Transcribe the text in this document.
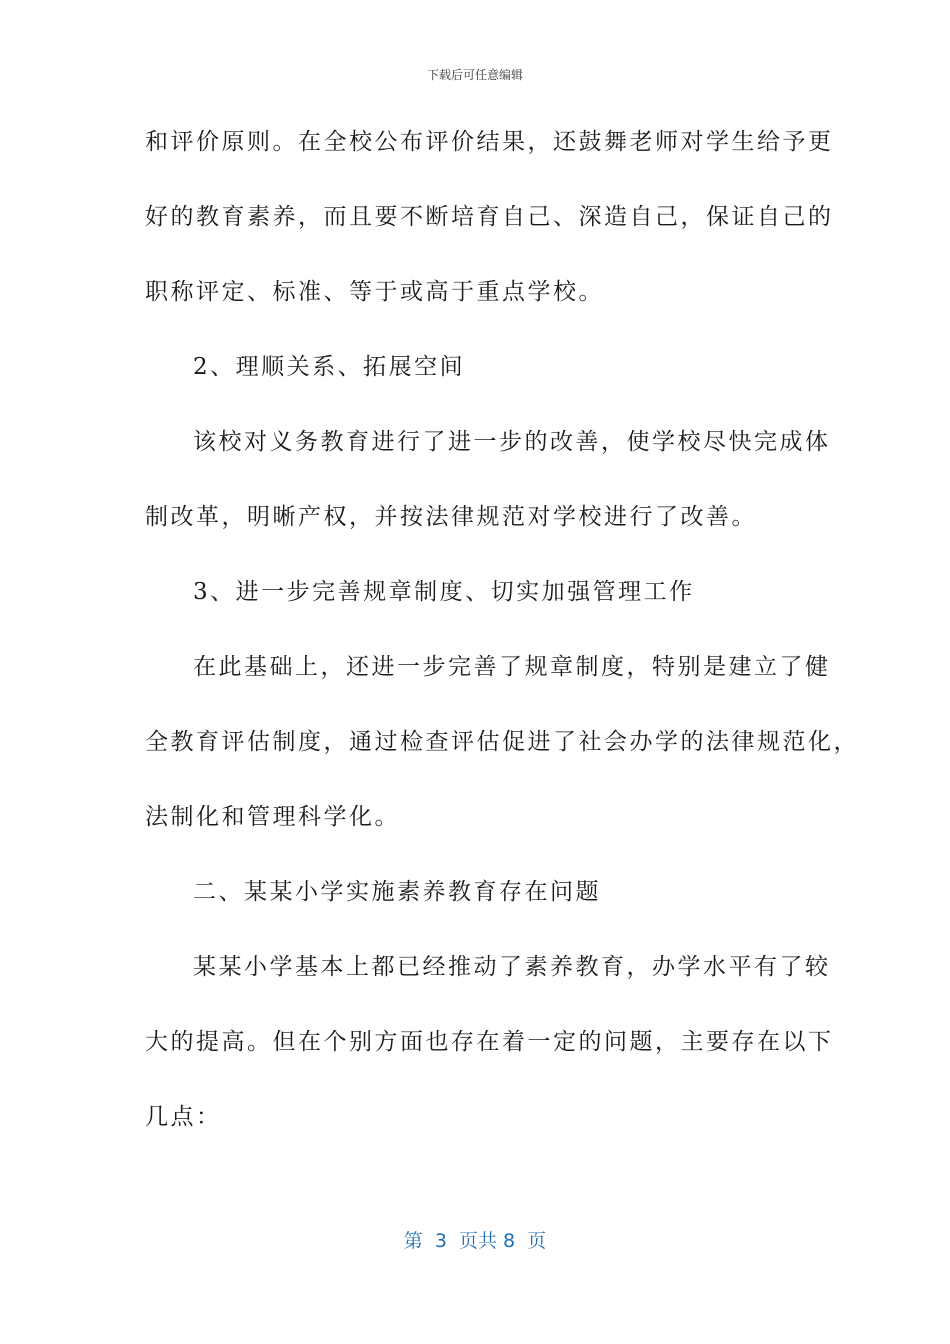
下载后可任意编辑
和评价原则。在全校公布评价结果，还鼓舞老师对学生给予更
好的教育素养，而且要不断培育自己、深造自己，保证自己的
职称评定、标准、等于或高于重点学校。
2、理顺关系、拓展空间
该校对义务教育进行了进一步的改善，使学校尽快完成体
制改革，明晰产权，并按法律规范对学校进行了改善。
3、进一步完善规章制度、切实加强管理工作
在此基础上，还进一步完善了规章制度，特别是建立了健
全教育评估制度，通过检查评估促进了社会办学的法律规范化，
法制化和管理科学化。
二、某某小学实施素养教育存在问题
某某小学基本上都已经推动了素养教育，办学水平有了较
大的提高。但在个别方面也存在着一定的问题，主要存在以下
几点：
第  3  页共 8  页
